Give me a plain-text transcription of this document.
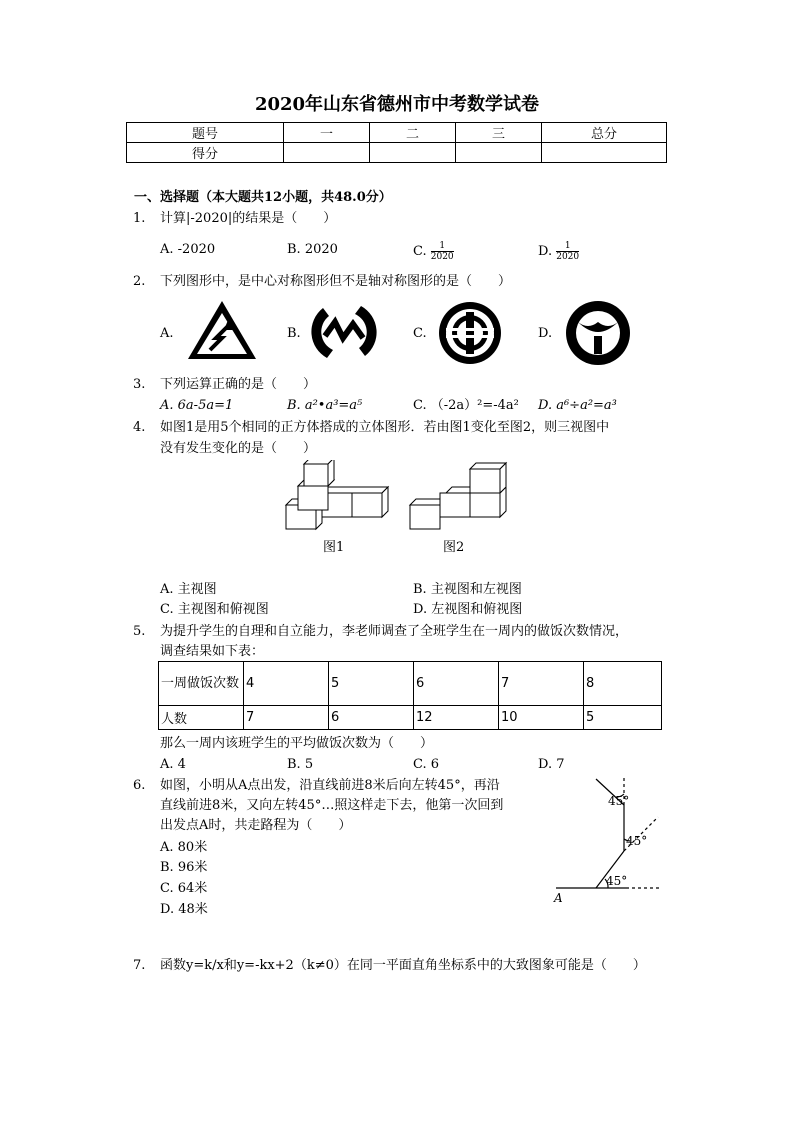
2020年山东省德州市中考数学试卷
题号	一	二	三	总分
得分				
一、选择题（本大题共12小题，共48.0分）
1. 计算|-2020|的结果是（　　）
A. -2020	B. 2020	C. $\frac{1}{2020}$	D. $\frac{1}{2020}$
2. 下列图形中，是中心对称图形但不是轴对称图形的是（　　）
A.	B.	C.	D.
3. 下列运算正确的是（　　）
A. 6a-5a=1	B. a²•a³=a⁵	C. （-2a）²=-4a² D. a⁶÷a²=a³
4. 如图1是用5个相同的正方体搭成的立体图形．若由图1变化至图2，则三视图中
没有发生变化的是（　　）
图1	图2
A. 主视图	B. 主视图和左视图
C. 主视图和俯视图	D. 左视图和俯视图
5. 为提升学生的自理和自立能力，李老师调查了全班学生在一周内的做饭次数情况，
调查结果如下表：
一周做饭次数	4	5	6	7	8
人数	7	6	12	10	5
那么一周内该班学生的平均做饭次数为（　　）
A. 4	B. 5	C. 6	D. 7
6. 如图，小明从A点出发，沿直线前进8米后向左转45°，再沿
直线前进8米，又向左转45°…照这样走下去，他第一次回到
出发点A时，共走路程为（　　）
A. 80米
B. 96米
C. 64米
D. 48米
45°
45°
45°
A
7. 函数y=k/x和y=-kx+2（k≠0）在同一平面直角坐标系中的大致图象可能是（　　）
